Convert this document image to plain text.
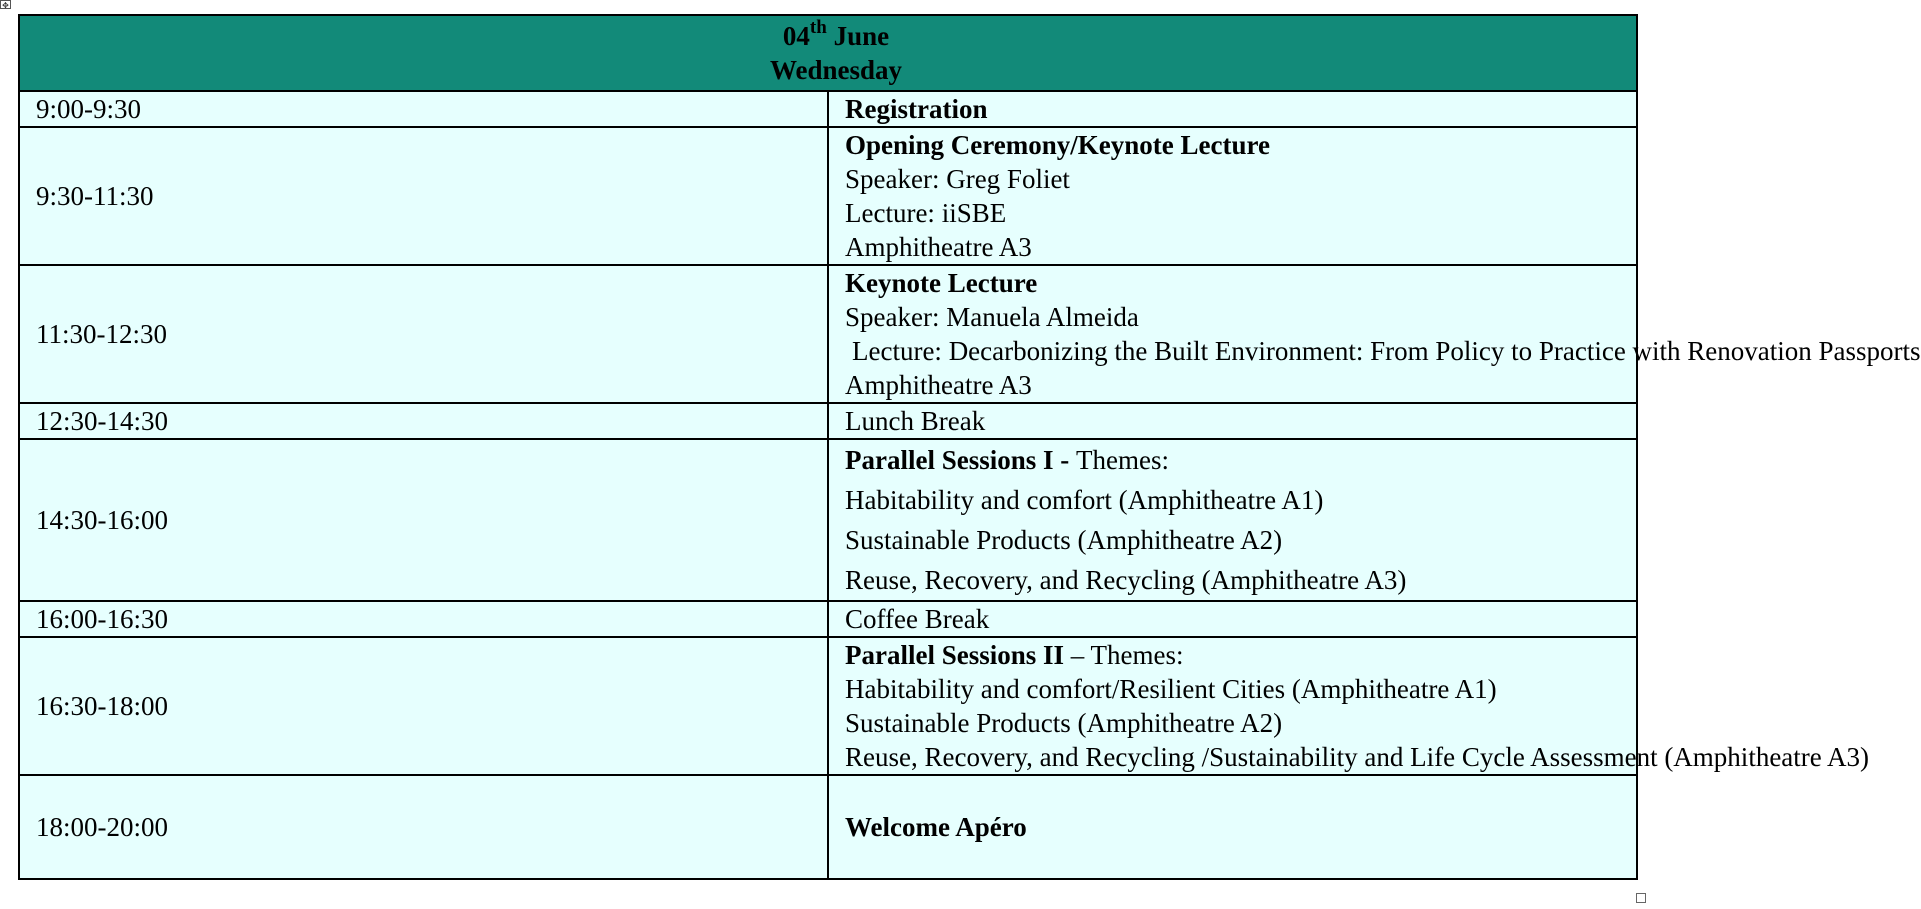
✥
04th June
Wednesday	

9:00-9:30	Registration

9:30-11:30	Opening Ceremony/Keynote Lecture
Speaker: Greg Foliet
Lecture: iiSBE
Amphitheatre A3

11:30-12:30	Keynote Lecture
Speaker: Manuela Almeida
Lecture: Decarbonizing the Built Environment: From Policy to Practice with Renovation Passports
Amphitheatre A3

12:30-14:30	Lunch Break

14:30-16:00	Parallel Sessions I - Themes:
Habitability and comfort (Amphitheatre A1)
Sustainable Products (Amphitheatre A2)
Reuse, Recovery, and Recycling (Amphitheatre A3)

16:00-16:30	Coffee Break

16:30-18:00	Parallel Sessions II – Themes:
Habitability and comfort/Resilient Cities (Amphitheatre A1)
Sustainable Products (Amphitheatre A2)
Reuse, Recovery, and Recycling /Sustainability and Life Cycle Assessment (Amphitheatre A3)

18:00-20:00	Welcome Apéro
